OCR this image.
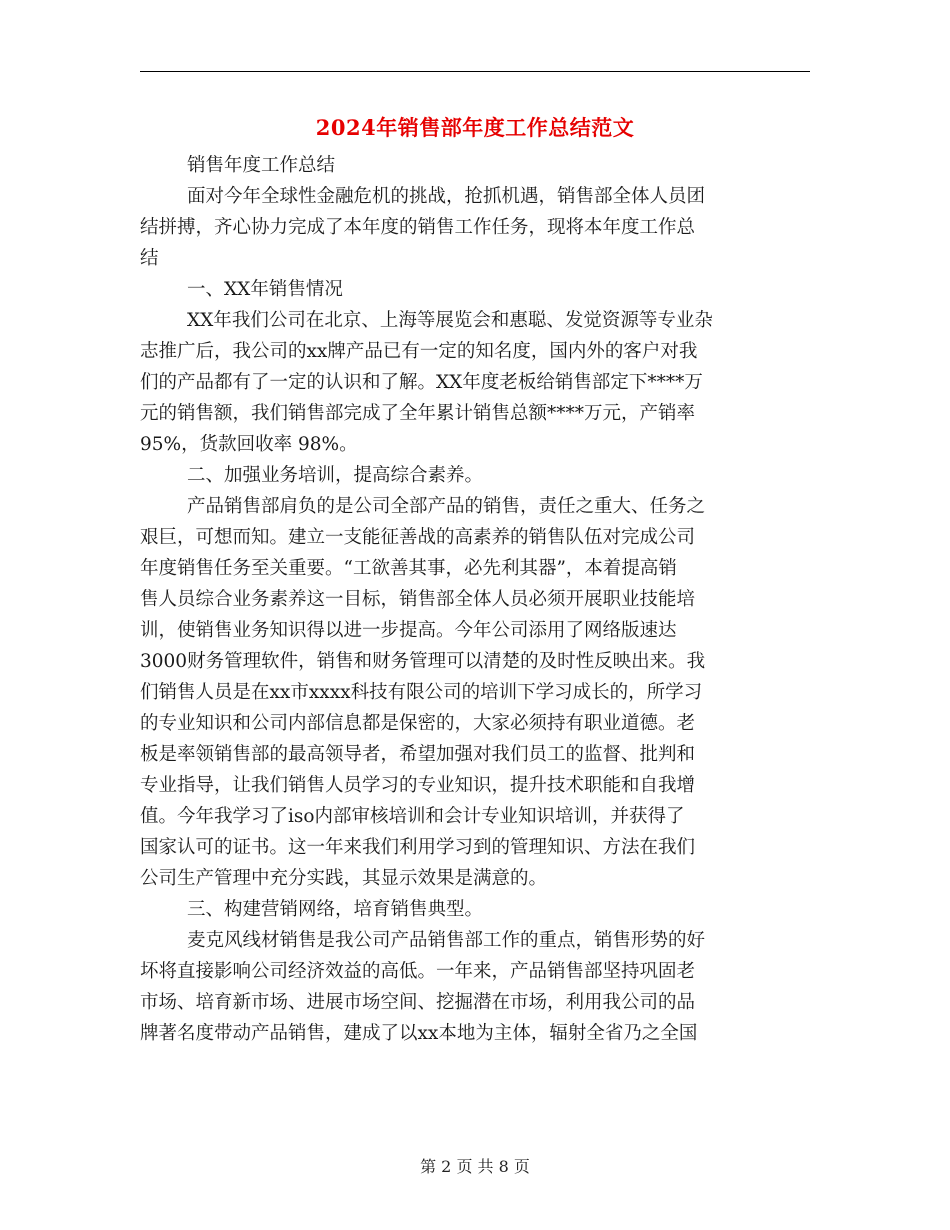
2024年销售部年度工作总结范文
销售年度工作总结
面对今年全球性金融危机的挑战，抢抓机遇，销售部全体人员团
结拼搏，齐心协力完成了本年度的销售工作任务，现将本年度工作总
结
一、XX年销售情况
XX年我们公司在北京、上海等展览会和惠聪、发觉资源等专业杂
志推广后，我公司的xx牌产品已有一定的知名度，国内外的客户对我
们的产品都有了一定的认识和了解。XX年度老板给销售部定下****万
元的销售额，我们销售部完成了全年累计销售总额****万元，产销率
95%，货款回收率 98%。
二、加强业务培训，提高综合素养。
产品销售部肩负的是公司全部产品的销售，责任之重大、任务之
艰巨，可想而知。建立一支能征善战的高素养的销售队伍对完成公司
年度销售任务至关重要。“工欲善其事，必先利其器”，本着提高销
售人员综合业务素养这一目标，销售部全体人员必须开展职业技能培
训，使销售业务知识得以进一步提高。今年公司添用了网络版速达
3000财务管理软件，销售和财务管理可以清楚的及时性反映出来。我
们销售人员是在xx市xxxx科技有限公司的培训下学习成长的，所学习
的专业知识和公司内部信息都是保密的，大家必须持有职业道德。老
板是率领销售部的最高领导者，希望加强对我们员工的监督、批判和
专业指导，让我们销售人员学习的专业知识，提升技术职能和自我增
值。今年我学习了iso内部审核培训和会计专业知识培训，并获得了
国家认可的证书。这一年来我们利用学习到的管理知识、方法在我们
公司生产管理中充分实践，其显示效果是满意的。
三、构建营销网络，培育销售典型。
麦克风线材销售是我公司产品销售部工作的重点，销售形势的好
坏将直接影响公司经济效益的高低。一年来，产品销售部坚持巩固老
市场、培育新市场、进展市场空间、挖掘潜在市场，利用我公司的品
牌著名度带动产品销售，建成了以xx本地为主体，辐射全省乃之全国
第 2 页 共 8 页
